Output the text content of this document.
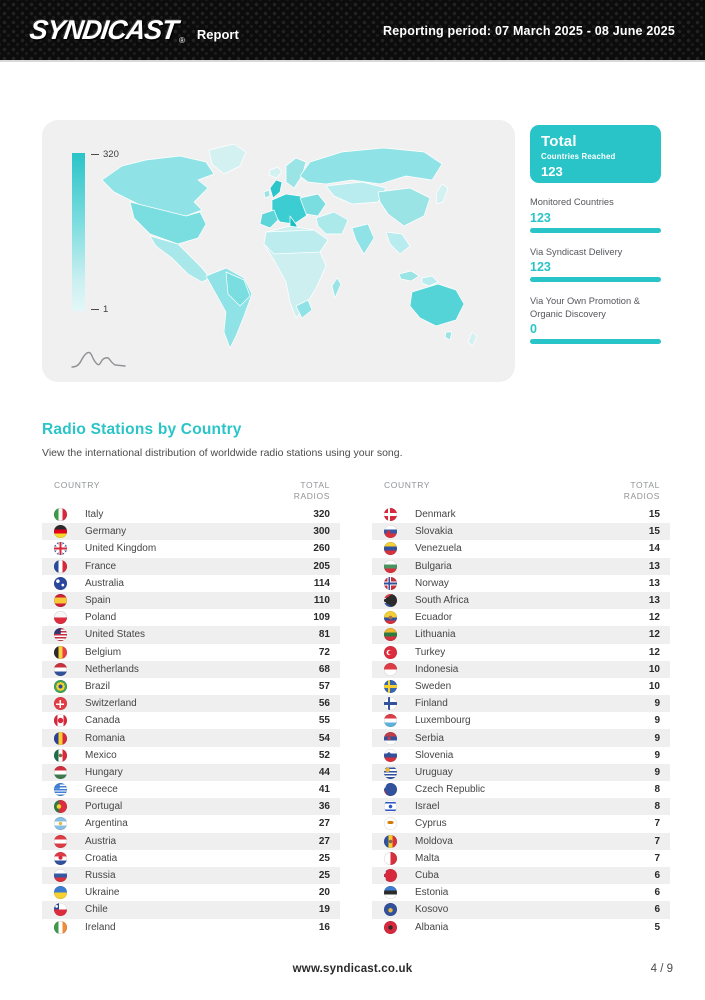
SYNDICAST ® Report	Reporting period: 07 March 2025 - 08 June 2025
320
1
Total
Countries Reached
123
Monitored Countries
123
Via Syndicast Delivery
123
Via Your Own Promotion & Organic Discovery
0
Radio Stations by Country
View the international distribution of worldwide radio stations using your song.
COUNTRY	TOTAL RADIOS
Italy	320
Germany	300
United Kingdom	260
France	205
Australia	114
Spain	110
Poland	109
United States	81
Belgium	72
Netherlands	68
Brazil	57
Switzerland	56
Canada	55
Romania	54
Mexico	52
Hungary	44
Greece	41
Portugal	36
Argentina	27
Austria	27
Croatia	25
Russia	25
Ukraine	20
Chile	19
Ireland	16
COUNTRY	TOTAL RADIOS
Denmark	15
Slovakia	15
Venezuela	14
Bulgaria	13
Norway	13
South Africa	13
Ecuador	12
Lithuania	12
Turkey	12
Indonesia	10
Sweden	10
Finland	9
Luxembourg	9
Serbia	9
Slovenia	9
Uruguay	9
Czech Republic	8
Israel	8
Cyprus	7
Moldova	7
Malta	7
Cuba	6
Estonia	6
Kosovo	6
Albania	5
www.syndicast.co.uk	4 / 9
